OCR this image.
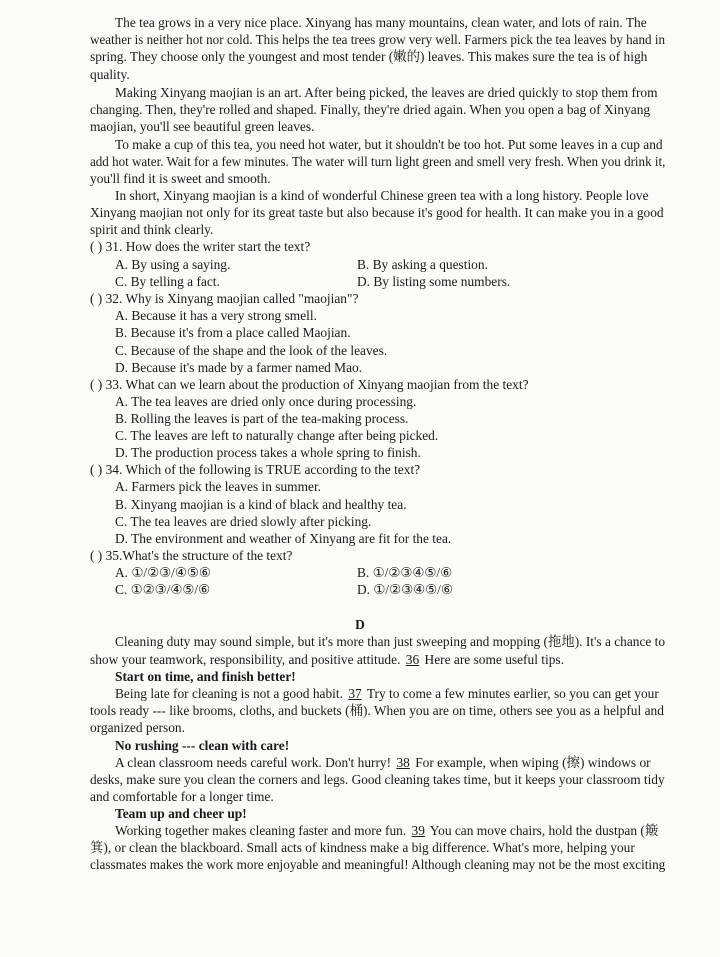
The tea grows in a very nice place. Xinyang has many mountains, clean water, and lots of rain. The
weather is neither hot nor cold. This helps the tea trees grow very well. Farmers pick the tea leaves by hand in
spring. They choose only the youngest and most tender (嫩的) leaves. This makes sure the tea is of high
quality.
Making Xinyang maojian is an art. After being picked, the leaves are dried quickly to stop them from
changing. Then, they're rolled and shaped. Finally, they're dried again. When you open a bag of Xinyang
maojian, you'll see beautiful green leaves.
To make a cup of this tea, you need hot water, but it shouldn't be too hot. Put some leaves in a cup and
add hot water. Wait for a few minutes. The water will turn light green and smell very fresh. When you drink it,
you'll find it is sweet and smooth.
In short, Xinyang maojian is a kind of wonderful Chinese green tea with a long history. People love
Xinyang maojian not only for its great taste but also because it's good for health. It can make you in a good
spirit and think clearly.
( ) 31. How does the writer start the text?
A. By using a saying.	B. By asking a question.
C. By telling a fact.	D. By listing some numbers.
( ) 32. Why is Xinyang maojian called "maojian"?
A. Because it has a very strong smell.
B. Because it's from a place called Maojian.
C. Because of the shape and the look of the leaves.
D. Because it's made by a farmer named Mao.
( ) 33. What can we learn about the production of Xinyang maojian from the text?
A. The tea leaves are dried only once during processing.
B. Rolling the leaves is part of the tea-making process.
C. The leaves are left to naturally change after being picked.
D. The production process takes a whole spring to finish.
( ) 34. Which of the following is TRUE according to the text?
A. Farmers pick the leaves in summer.
B. Xinyang maojian is a kind of black and healthy tea.
C. The tea leaves are dried slowly after picking.
D. The environment and weather of Xinyang are fit for the tea.
( ) 35.What's the structure of the text?
A. ①/②③/④⑤⑥	B. ①/②③④⑤/⑥
C. ①②③/④⑤/⑥	D. ①/②③④⑤/⑥
D
Cleaning duty may sound simple, but it's more than just sweeping and mopping (拖地). It's a chance to
show your teamwork, responsibility, and positive attitude. 36 Here are some useful tips.
Start on time, and finish better!
Being late for cleaning is not a good habit. 37 Try to come a few minutes earlier, so you can get your
tools ready --- like brooms, cloths, and buckets (桶). When you are on time, others see you as a helpful and
organized person.
No rushing --- clean with care!
A clean classroom needs careful work. Don't hurry! 38 For example, when wiping (擦) windows or
desks, make sure you clean the corners and legs. Good cleaning takes time, but it keeps your classroom tidy
and comfortable for a longer time.
Team up and cheer up!
Working together makes cleaning faster and more fun. 39 You can move chairs, hold the dustpan (簸
箕), or clean the blackboard. Small acts of kindness make a big difference. What's more, helping your
classmates makes the work more enjoyable and meaningful! Although cleaning may not be the most exciting
